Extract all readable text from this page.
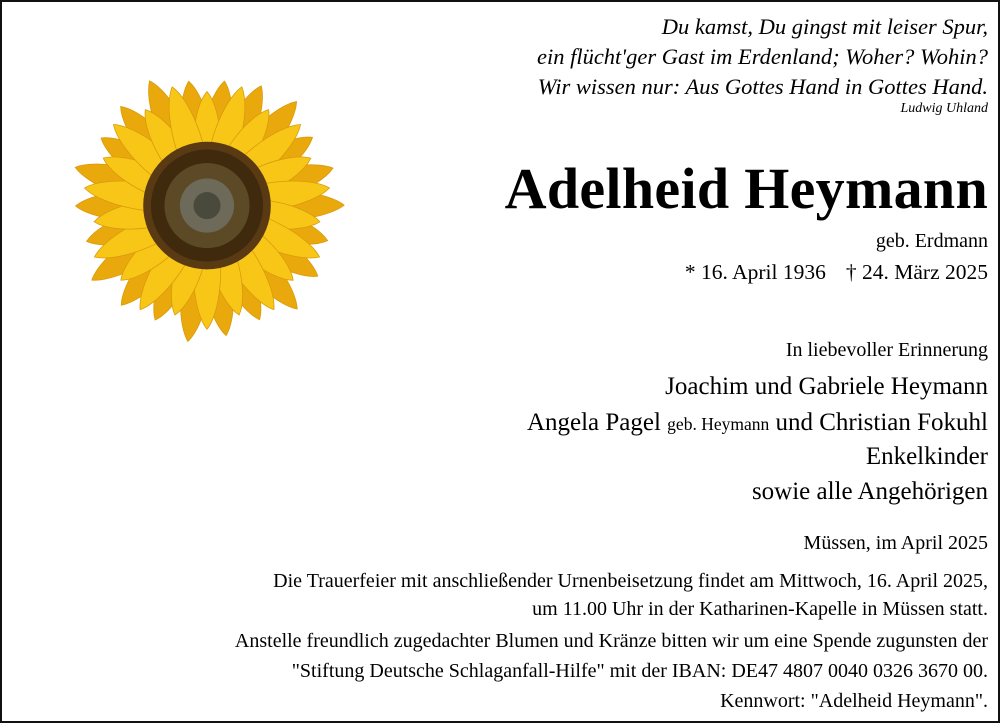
Du kamst, Du gingst mit leiser Spur,
ein flücht'ger Gast im Erdenland; Woher? Wohin?
Wir wissen nur: Aus Gottes Hand in Gottes Hand.
Ludwig Uhland
Adelheid Heymann
geb. Erdmann
* 16. April 1936 † 24. März 2025
In liebevoller Erinnerung
Joachim und Gabriele Heymann
Angela Pagel geb. Heymann und Christian Fokuhl
Enkelkinder
sowie alle Angehörigen
Müssen, im April 2025
Die Trauerfeier mit anschließender Urnenbeisetzung findet am Mittwoch, 16. April 2025,
um 11.00 Uhr in der Katharinen-Kapelle in Müssen statt.
Anstelle freundlich zugedachter Blumen und Kränze bitten wir um eine Spende zugunsten der
"Stiftung Deutsche Schlaganfall-Hilfe" mit der IBAN: DE47 4807 0040 0326 3670 00.
Kennwort: "Adelheid Heymann".
